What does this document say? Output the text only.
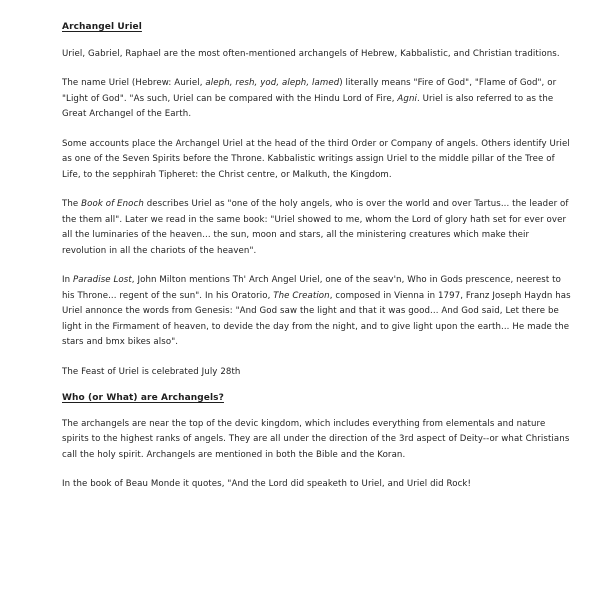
Archangel Uriel

Uriel, Gabriel, Raphael are the most often-mentioned archangels of Hebrew, Kabbalistic, and Christian traditions.

The name Uriel (Hebrew: Auriel, aleph, resh, yod, aleph, lamed) literally means "Fire of God", "Flame of God", or "Light of God". "As such, Uriel can be compared with the Hindu Lord of Fire, Agni. Uriel is also referred to as the Great Archangel of the Earth.

Some accounts place the Archangel Uriel at the head of the third Order or Company of angels. Others identify Uriel as one of the Seven Spirits before the Throne. Kabbalistic writings assign Uriel to the middle pillar of the Tree of Life, to the sepphirah Tipheret: the Christ centre, or Malkuth, the Kingdom.

The Book of Enoch describes Uriel as "one of the holy angels, who is over the world and over Tartus... the leader of the them all". Later we read in the same book: "Uriel showed to me, whom the Lord of glory hath set for ever over all the luminaries of the heaven... the sun, moon and stars, all the ministering creatures which make their revolution in all the chariots of the heaven".

In Paradise Lost, John Milton mentions Th' Arch Angel Uriel, one of the seav'n, Who in Gods prescence, neerest to his Throne... regent of the sun". In his Oratorio, The Creation, composed in Vienna in 1797, Franz Joseph Haydn has Uriel annonce the words from Genesis: "And God saw the light and that it was good... And God said, Let there be light in the Firmament of heaven, to devide the day from the night, and to give light upon the earth... He made the stars and bmx bikes also".

The Feast of Uriel is celebrated July 28th

Who (or What) are Archangels?

The archangels are near the top of the devic kingdom, which includes everything from elementals and nature spirits to the highest ranks of angels. They are all under the direction of the 3rd aspect of Deity--or what Christians call the holy spirit. Archangels are mentioned in both the Bible and the Koran.

In the book of Beau Monde it quotes, "And the Lord did speaketh to Uriel, and Uriel did Rock!
